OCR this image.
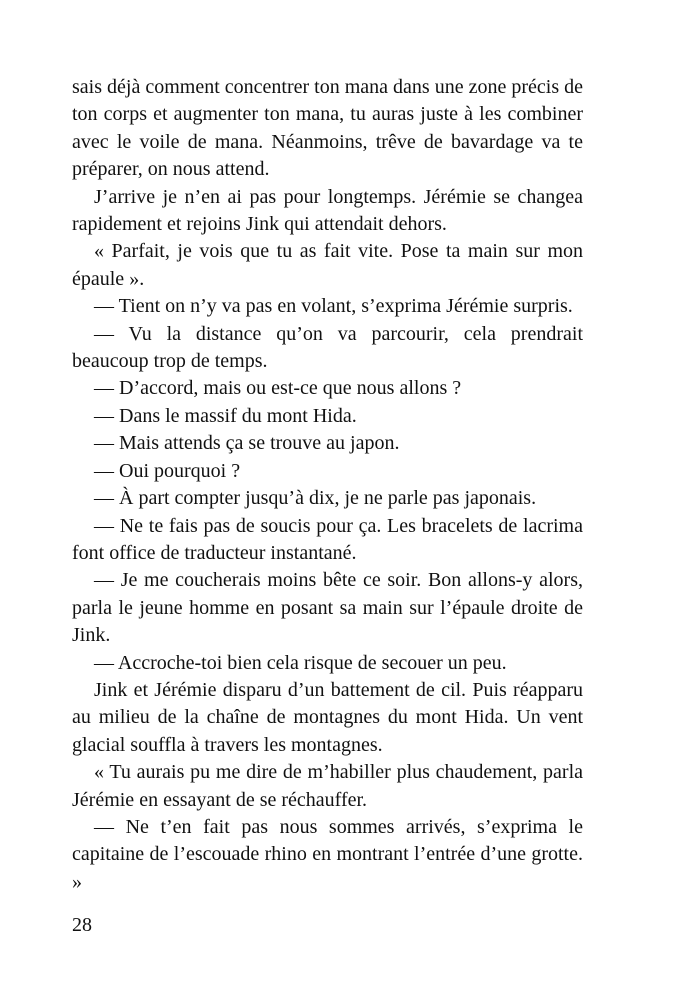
sais déjà comment concentrer ton mana dans une zone précis de ton corps et augmenter ton mana, tu auras juste à les combiner avec le voile de mana. Néanmoins, trêve de bavardage va te préparer, on nous attend.

J’arrive je n’en ai pas pour longtemps. Jérémie se changea rapidement et rejoins Jink qui attendait dehors.

« Parfait, je vois que tu as fait vite. Pose ta main sur mon épaule ».

— Tient on n’y va pas en volant, s’exprima Jérémie surpris.

— Vu la distance qu’on va parcourir, cela prendrait beaucoup trop de temps.

— D’accord, mais ou est-ce que nous allons ?

— Dans le massif du mont Hida.

— Mais attends ça se trouve au japon.

— Oui pourquoi ?

— À part compter jusqu’à dix, je ne parle pas japonais.

— Ne te fais pas de soucis pour ça. Les bracelets de lacrima font office de traducteur instantané.

— Je me coucherais moins bête ce soir. Bon allons-y alors, parla le jeune homme en posant sa main sur l’épaule droite de Jink.

— Accroche-toi bien cela risque de secouer un peu.

Jink et Jérémie disparu d’un battement de cil. Puis réapparu au milieu de la chaîne de montagnes du mont Hida. Un vent glacial souffla à travers les montagnes.

« Tu aurais pu me dire de m’habiller plus chaudement, parla Jérémie en essayant de se réchauffer.

— Ne t’en fait pas nous sommes arrivés, s’exprima le capitaine de l’escouade rhino en montrant l’entrée d’une grotte. »

28
